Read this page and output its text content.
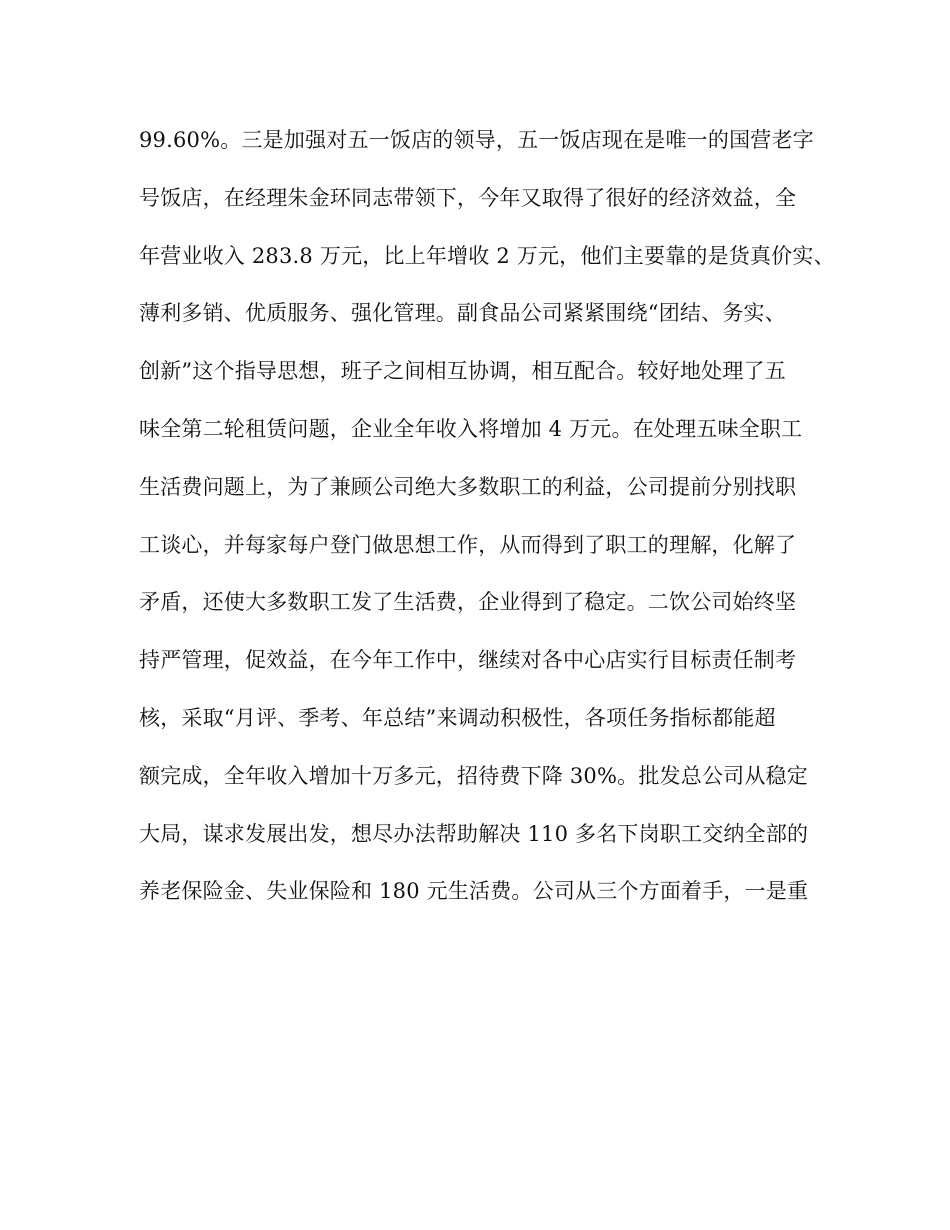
99.60%。三是加强对五一饭店的领导，五一饭店现在是唯一的国营老字
号饭店，在经理朱金环同志带领下，今年又取得了很好的经济效益，全
年营业收入 283.8 万元，比上年增收 2 万元，他们主要靠的是货真价实、
薄利多销、优质服务、强化管理。副食品公司紧紧围绕“团结、务实、
创新”这个指导思想，班子之间相互协调，相互配合。较好地处理了五
味全第二轮租赁问题，企业全年收入将增加 4 万元。在处理五味全职工
生活费问题上，为了兼顾公司绝大多数职工的利益，公司提前分别找职
工谈心，并每家每户登门做思想工作，从而得到了职工的理解，化解了
矛盾，还使大多数职工发了生活费，企业得到了稳定。二饮公司始终坚
持严管理，促效益，在今年工作中，继续对各中心店实行目标责任制考
核，采取“月评、季考、年总结”来调动积极性，各项任务指标都能超
额完成，全年收入增加十万多元，招待费下降 30%。批发总公司从稳定
大局，谋求发展出发，想尽办法帮助解决 110 多名下岗职工交纳全部的
养老保险金、失业保险和 180 元生活费。公司从三个方面着手，一是重
